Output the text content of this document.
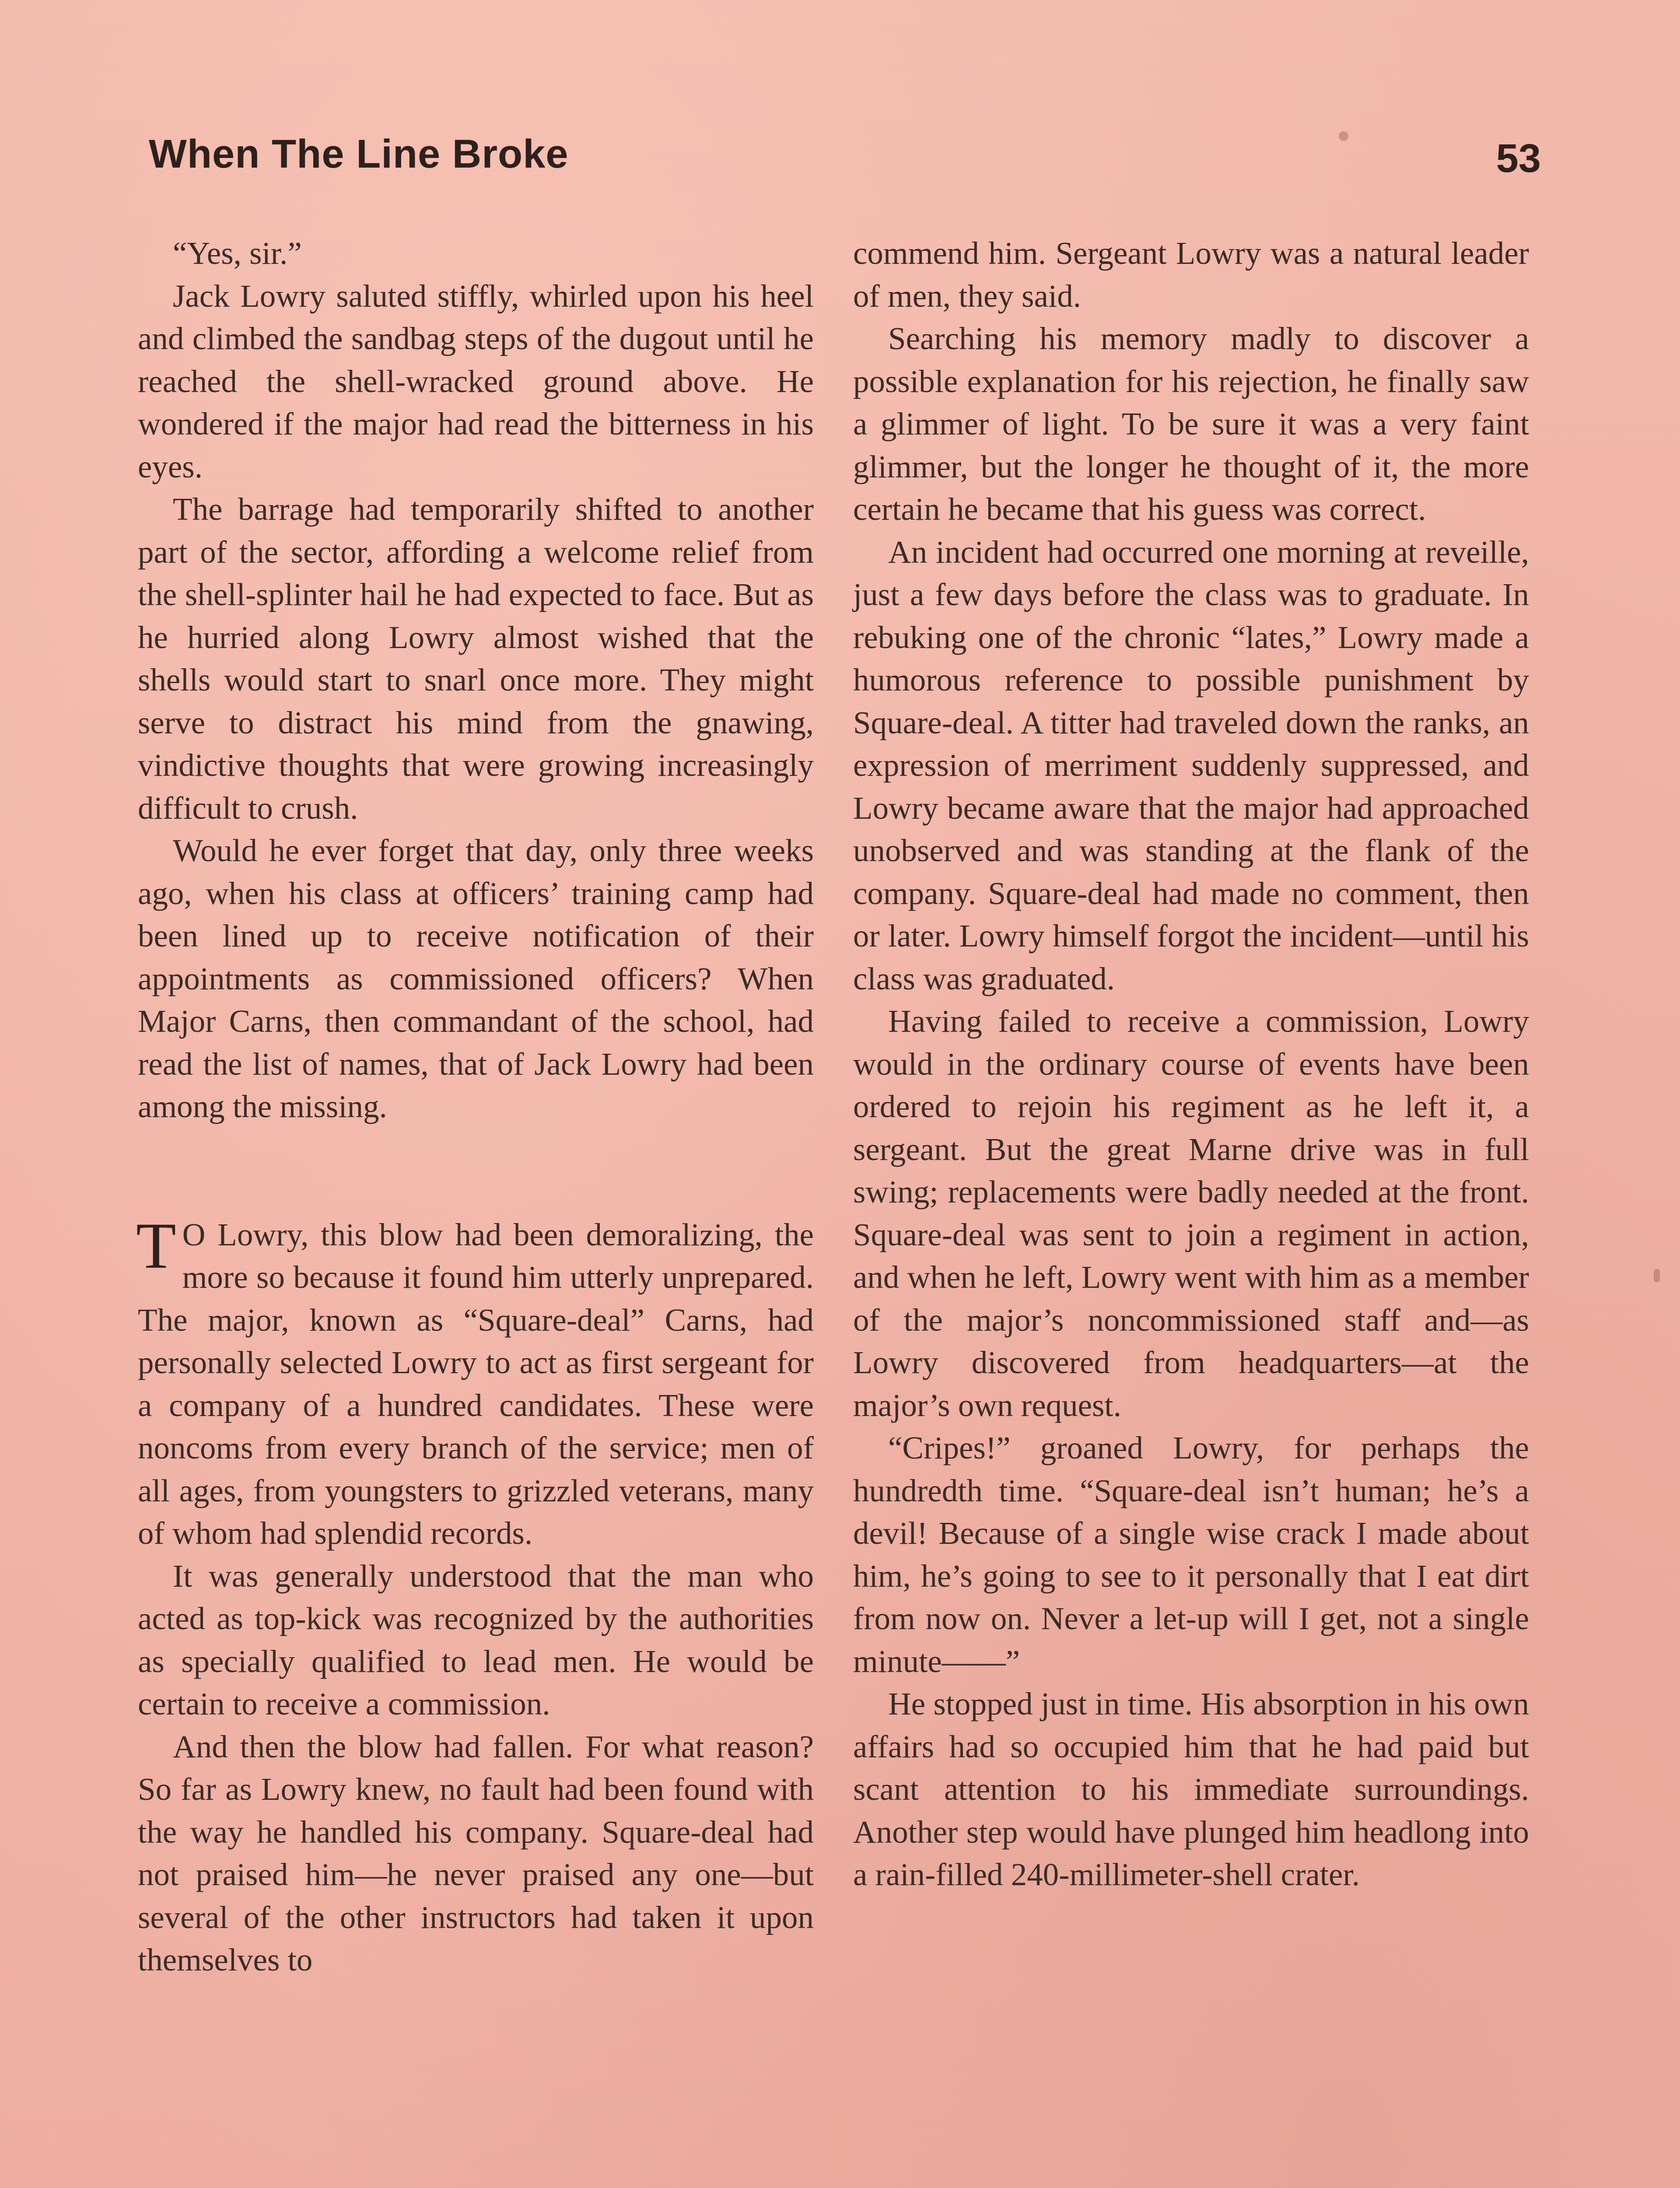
When The Line Broke	53

“Yes, sir.”

Jack Lowry saluted stiffly, whirled upon his heel and climbed the sandbag steps of the dugout until he reached the shell-wracked ground above. He wondered if the major had read the bitterness in his eyes.

The barrage had temporarily shifted to another part of the sector, affording a welcome relief from the shell-splinter hail he had expected to face. But as he hurried along Lowry almost wished that the shells would start to snarl once more. They might serve to distract his mind from the gnawing, vindictive thoughts that were growing increasingly difficult to crush.

Would he ever forget that day, only three weeks ago, when his class at officers’ training camp had been lined up to receive notification of their appointments as commissioned officers? When Major Carns, then commandant of the school, had read the list of names, that of Jack Lowry had been among the missing.

T O Lowry, this blow had been demoralizing, the more so because it found him utterly unprepared. The major, known as “Square-deal” Carns, had personally selected Lowry to act as first sergeant for a company of a hundred candidates. These were noncoms from every branch of the service; men of all ages, from youngsters to grizzled veterans, many of whom had splendid records.

It was generally understood that the man who acted as top-kick was recognized by the authorities as specially qualified to lead men. He would be certain to receive a commission.

And then the blow had fallen. For what reason? So far as Lowry knew, no fault had been found with the way he handled his company. Square-deal had not praised him—he never praised any one—but several of the other instructors had taken it upon themselves to

commend him. Sergeant Lowry was a natural leader of men, they said.

Searching his memory madly to discover a possible explanation for his rejection, he finally saw a glimmer of light. To be sure it was a very faint glimmer, but the longer he thought of it, the more certain he became that his guess was correct.

An incident had occurred one morning at reveille, just a few days before the class was to graduate. In rebuking one of the chronic “lates,” Lowry made a humorous reference to possible punishment by Square-deal. A titter had traveled down the ranks, an expression of merriment suddenly suppressed, and Lowry became aware that the major had approached unobserved and was standing at the flank of the company. Square-deal had made no comment, then or later. Lowry himself forgot the incident—until his class was graduated.

Having failed to receive a commission, Lowry would in the ordinary course of events have been ordered to rejoin his regiment as he left it, a sergeant. But the great Marne drive was in full swing; replacements were badly needed at the front. Square-deal was sent to join a regiment in action, and when he left, Lowry went with him as a member of the major’s noncommissioned staff and—as Lowry discovered from headquarters—at the major’s own request.

“Cripes!” groaned Lowry, for perhaps the hundredth time. “Square-deal isn’t human; he’s a devil! Because of a single wise crack I made about him, he’s going to see to it personally that I eat dirt from now on. Never a let-up will I get, not a single minute——”

He stopped just in time. His absorption in his own affairs had so occupied him that he had paid but scant attention to his immediate surroundings. Another step would have plunged him headlong into a rain-filled 240-millimeter-shell crater.
